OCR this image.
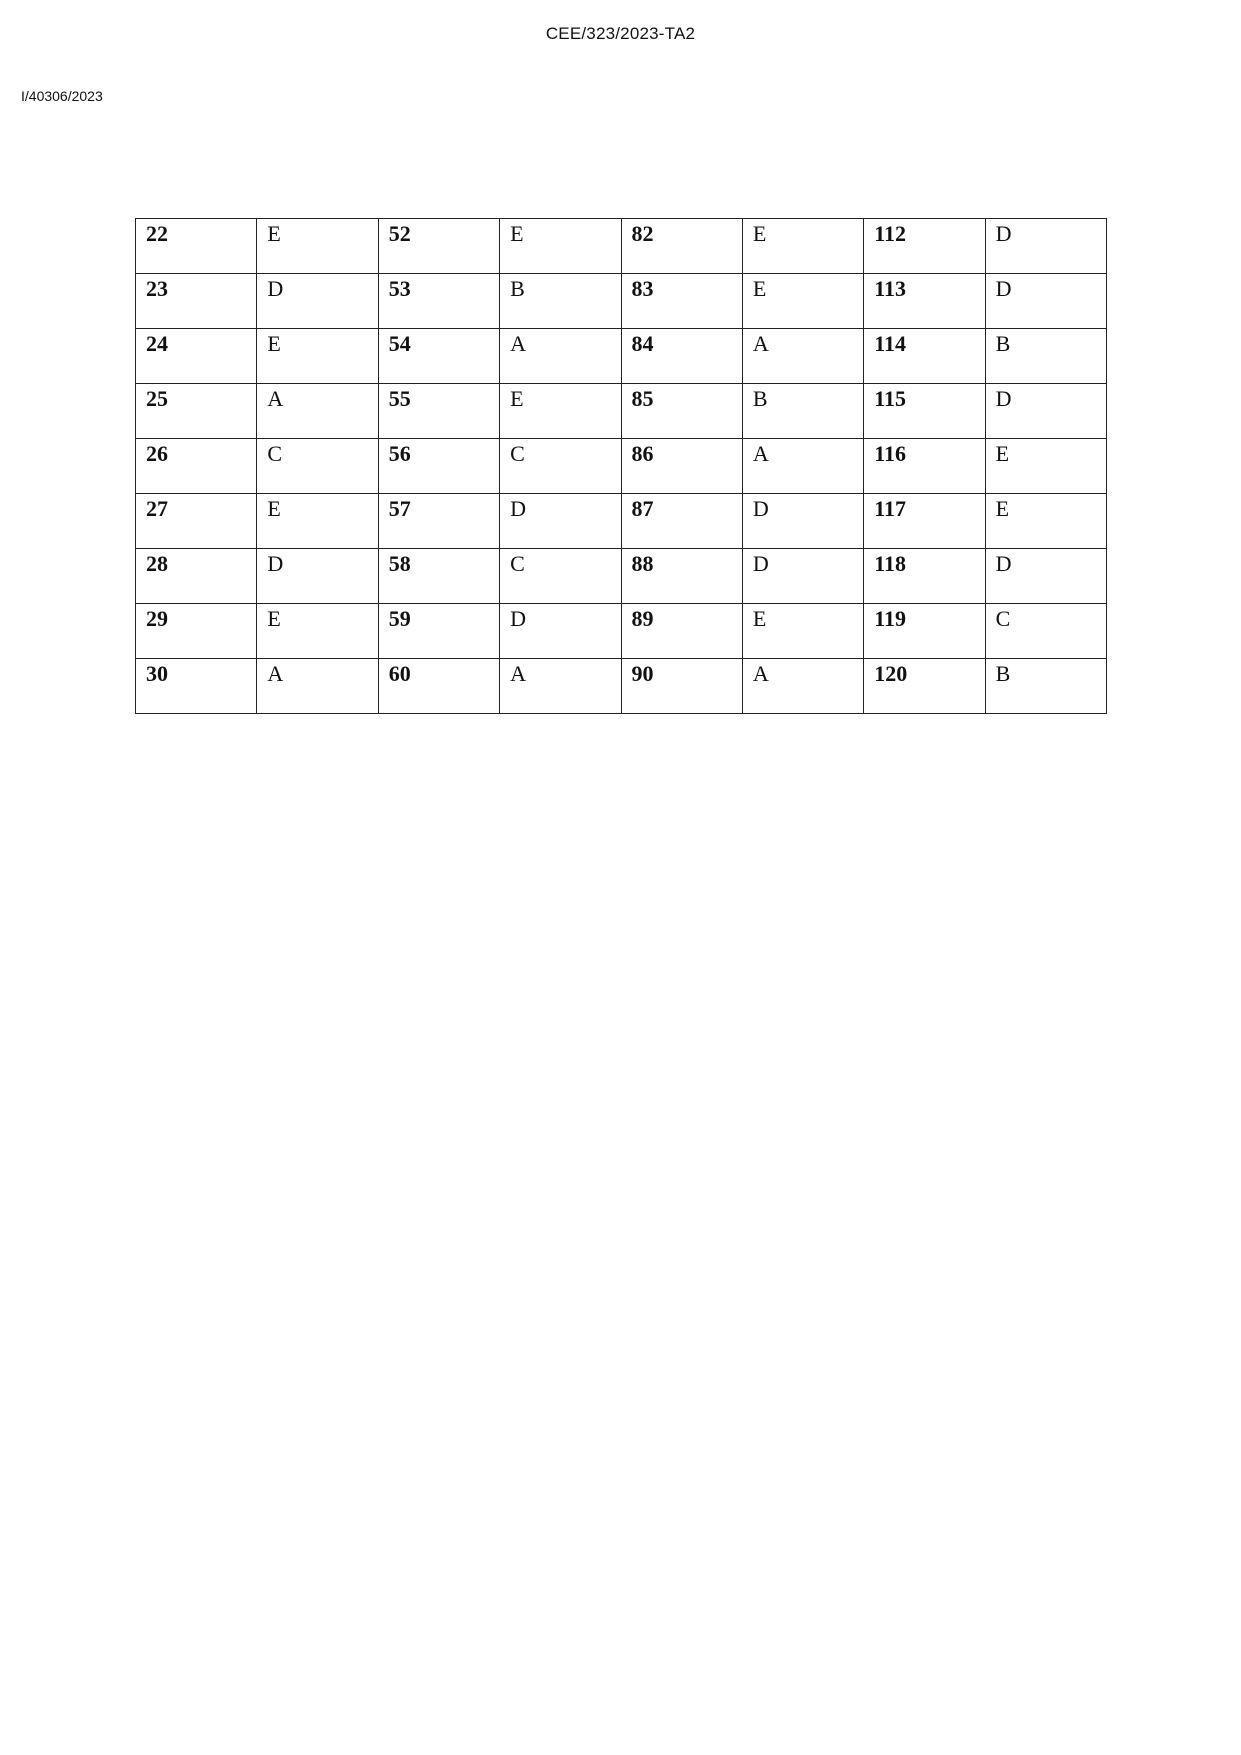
CEE/323/2023-TA2
I/40306/2023
22	E	52	E	82	E	112	D
23	D	53	B	83	E	113	D
24	E	54	A	84	A	114	B
25	A	55	E	85	B	115	D
26	C	56	C	86	A	116	E
27	E	57	D	87	D	117	E
28	D	58	C	88	D	118	D
29	E	59	D	89	E	119	C
30	A	60	A	90	A	120	B
